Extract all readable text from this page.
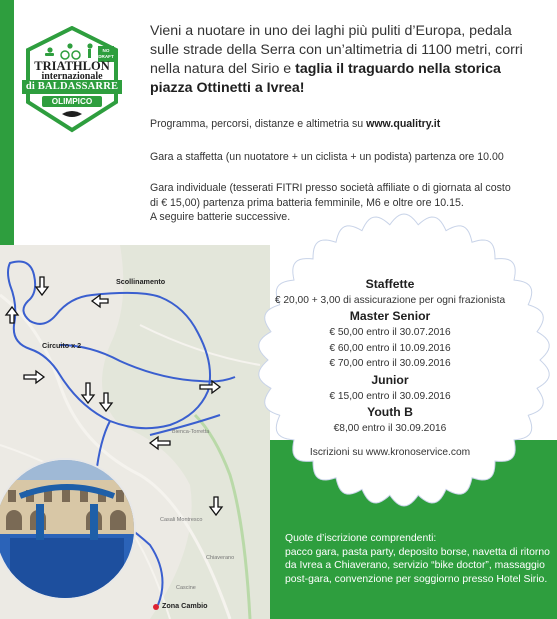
TRIATHLON
internazionale
di BALDASSARRE
OLIMPICO
NO DRAFT
Vieni a nuotare in uno dei laghi più puliti d’Europa, pedala sulle strade della Serra con un’altimetria di 1100 metri, corri nella natura del Sirio e taglia il traguardo nella storica piazza Ottinetti a Ivrea!
Programma, percorsi, distanze e altimetria su www.qualitry.it
Gara a staffetta (un nuotatore + un ciclista + un podista) partenza ore 10.00
Gara individuale (tesserati FITRI presso società affiliate o di giornata al costo
di € 15,00) partenza prima batteria femminile, M6 e oltre ore 10.15.
A seguire batterie successive.
Scollinamento
Circuito x 2
Zona Cambio
Bienca-Torretta
Casali Montresco
Chiaverano
Cascine
Staffette
€ 20,00 + 3,00 di assicurazione per ogni frazionista
Master Senior
€ 50,00 entro il 30.07.2016
€ 60,00 entro il 10.09.2016
€ 70,00 entro il 30.09.2016
Junior
€ 15,00 entro il 30.09.2016
Youth B
€8,00 entro il 30.09.2016
Iscrizioni su www.kronoservice.com
Quote d’iscrizione comprendenti:
pacco gara, pasta party, deposito borse, navetta di ritorno da Ivrea a Chiaverano, servizio “bike doctor”, massaggio post-gara, convenzione per soggiorno presso Hotel Sirio.
